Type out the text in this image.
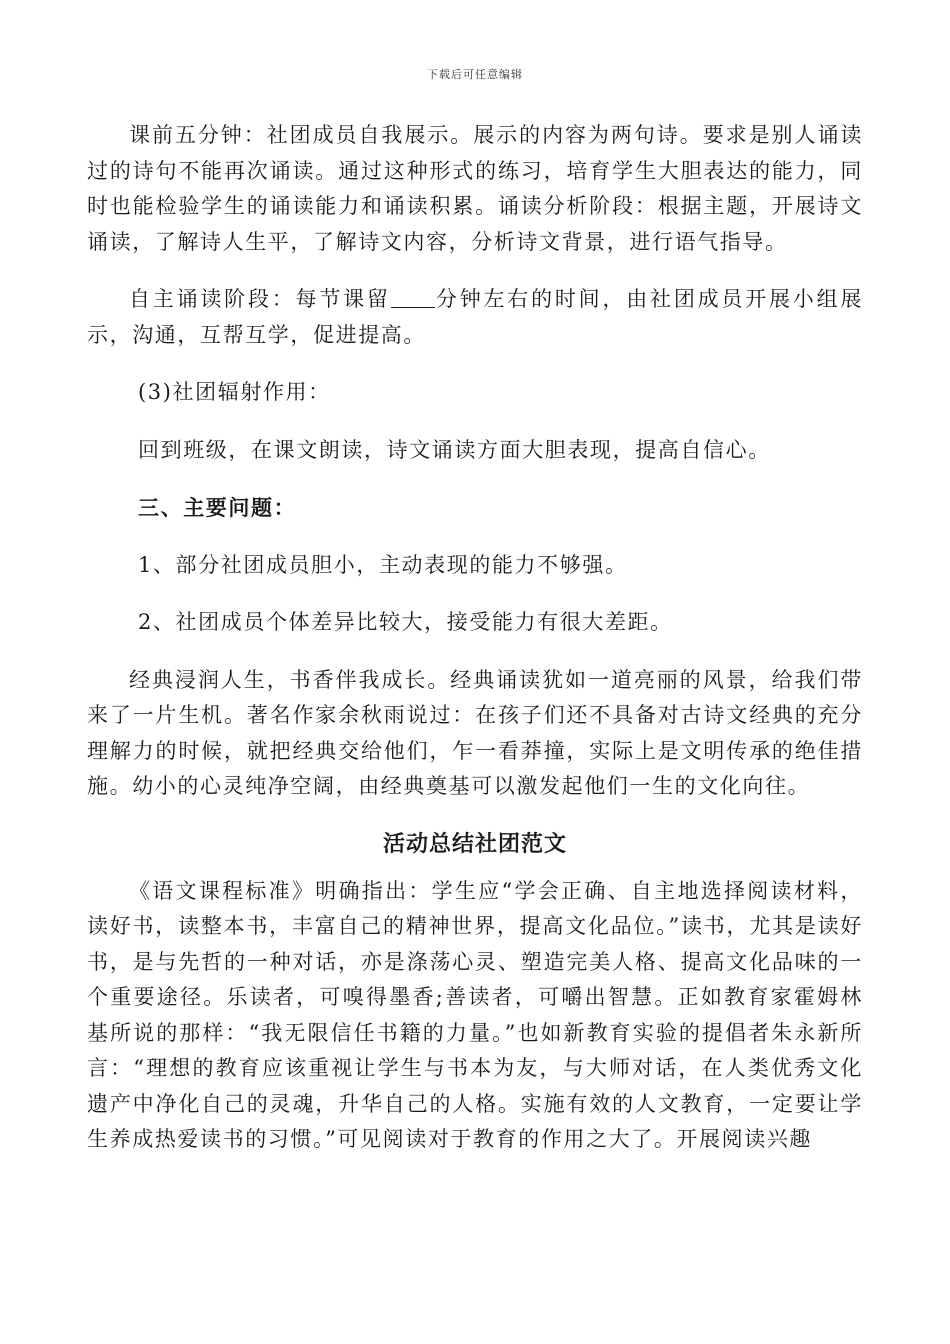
下载后可任意编辑

课前五分钟：社团成员自我展示。展示的内容为两句诗。要求是别人诵读过的诗句不能再次诵读。通过这种形式的练习，培育学生大胆表达的能力，同时也能检验学生的诵读能力和诵读积累。诵读分析阶段：根据主题，开展诗文诵读，了解诗人生平，了解诗文内容，分析诗文背景，进行语气指导。

自主诵读阶段：每节课留 分钟左右的时间，由社团成员开展小组展示，沟通，互帮互学，促进提高。

(3)社团辐射作用：

回到班级，在课文朗读，诗文诵读方面大胆表现，提高自信心。

三、主要问题：

1、部分社团成员胆小，主动表现的能力不够强。

2、社团成员个体差异比较大，接受能力有很大差距。

经典浸润人生，书香伴我成长。经典诵读犹如一道亮丽的风景，给我们带来了一片生机。著名作家余秋雨说过：在孩子们还不具备对古诗文经典的充分理解力的时候，就把经典交给他们，乍一看莽撞，实际上是文明传承的绝佳措施。幼小的心灵纯净空阔，由经典奠基可以激发起他们一生的文化向往。

活动总结社团范文

《语文课程标准》明确指出：学生应“学会正确、自主地选择阅读材料，读好书，读整本书，丰富自己的精神世界，提高文化品位。”读书，尤其是读好书，是与先哲的一种对话，亦是涤荡心灵、塑造完美人格、提高文化品味的一个重要途径。乐读者，可嗅得墨香;善读者，可嚼出智慧。正如教育家霍姆林基所说的那样：“我无限信任书籍的力量。”也如新教育实验的提倡者朱永新所言：“理想的教育应该重视让学生与书本为友，与大师对话，在人类优秀文化遗产中净化自己的灵魂，升华自己的人格。实施有效的人文教育，一定要让学生养成热爱读书的习惯。”可见阅读对于教育的作用之大了。开展阅读兴趣
